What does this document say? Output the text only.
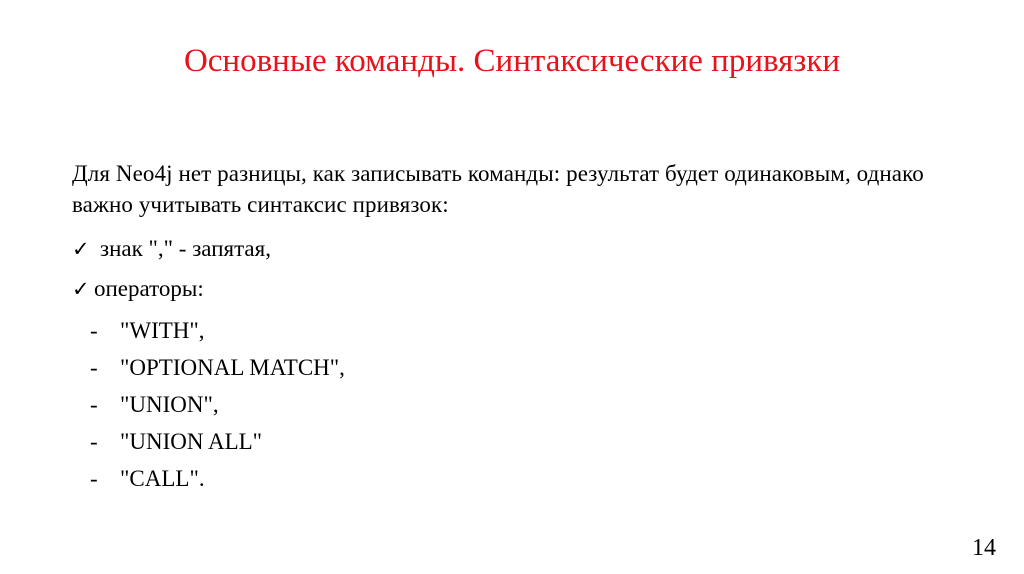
Основные команды. Синтаксические привязки

Для Neo4j нет разницы, как записывать команды: результат будет одинаковым, однако важно учитывать синтаксис привязок:

✓ знак "," - запятая,
✓ операторы:
- "WITH",
- "OPTIONAL MATCH",
- "UNION",
- "UNION ALL"
- "CALL".
14
